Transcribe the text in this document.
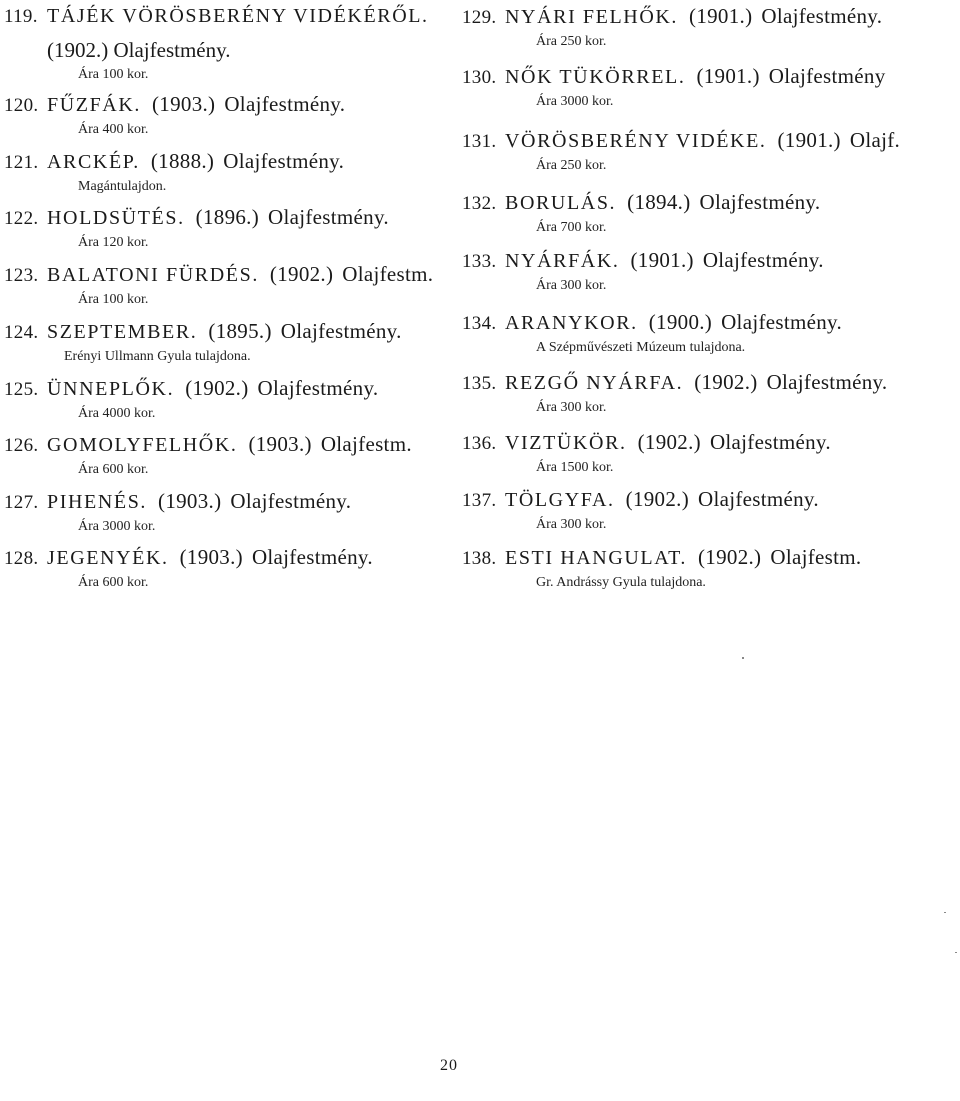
119. TÁJÉK VÖRÖSBERÉNY VIDÉKÉRŐL.
(1902.) Olajfestmény.
Ára 100 kor.
120. FŰZFÁK. (1903.) Olajfestmény.
Ára 400 kor.
121. ARCKÉP. (1888.) Olajfestmény.
Magántulajdon.
122. HOLDSÜTÉS. (1896.) Olajfestmény.
Ára 120 kor.
123. BALATONI FÜRDÉS. (1902.) Olajfestm.
Ára 100 kor.
124. SZEPTEMBER. (1895.) Olajfestmény.
Erényi Ullmann Gyula tulajdona.
125. ÜNNEPLŐK. (1902.) Olajfestmény.
Ára 4000 kor.
126. GOMOLYFELHŐK. (1903.) Olajfestm.
Ára 600 kor.
127. PIHENÉS. (1903.) Olajfestmény.
Ára 3000 kor.
128. JEGENYÉK. (1903.) Olajfestmény.
Ára 600 kor.
129. NYÁRI FELHŐK. (1901.) Olajfestmény.
Ára 250 kor.
130. NŐK TÜKÖRREL. (1901.) Olajfestmény
Ára 3000 kor.
131. VÖRÖSBERÉNY VIDÉKE. (1901.) Olajf.
Ára 250 kor.
132. BORULÁS. (1894.) Olajfestmény.
Ára 700 kor.
133. NYÁRFÁK. (1901.) Olajfestmény.
Ára 300 kor.
134. ARANYKOR. (1900.) Olajfestmény.
A Szépművészeti Múzeum tulajdona.
135. REZGŐ NYÁRFA. (1902.) Olajfestmény.
Ára 300 kor.
136. VIZTÜKÖR. (1902.) Olajfestmény.
Ára 1500 kor.
137. TÖLGYFA. (1902.) Olajfestmény.
Ára 300 kor.
138. ESTI HANGULAT. (1902.) Olajfestm.
Gr. Andrássy Gyula tulajdona.
20
